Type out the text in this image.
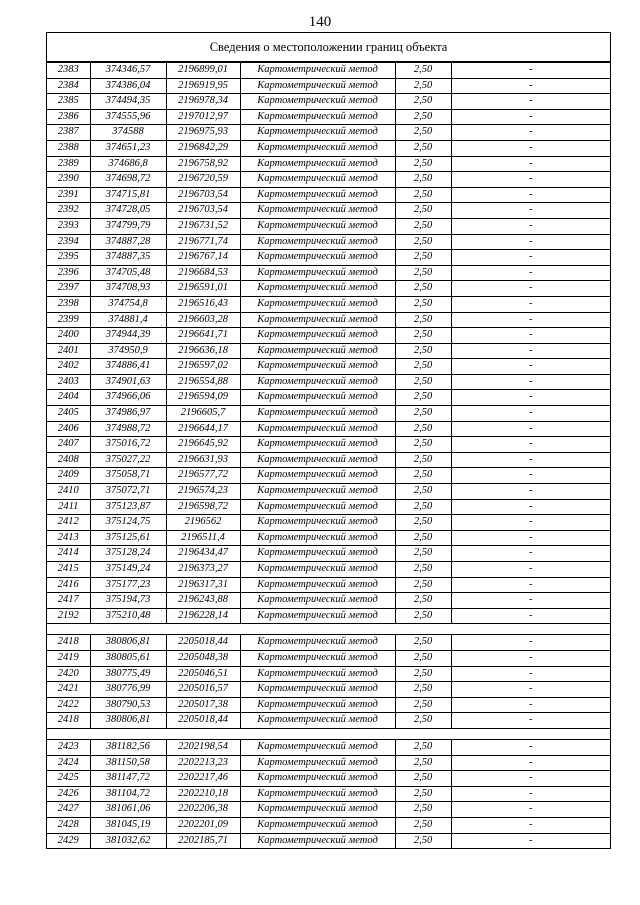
140
Сведения о местоположении границ объекта
2383	374346,57	2196899,01	Картометрический метод	2,50	-
2384	374386,04	2196919,95	Картометрический метод	2,50	-
2385	374494,35	2196978,34	Картометрический метод	2,50	-
2386	374555,96	2197012,97	Картометрический метод	2,50	-
2387	374588	2196975,93	Картометрический метод	2,50	-
2388	374651,23	2196842,29	Картометрический метод	2,50	-
2389	374686,8	2196758,92	Картометрический метод	2,50	-
2390	374698,72	2196720,59	Картометрический метод	2,50	-
2391	374715,81	2196703,54	Картометрический метод	2,50	-
2392	374728,05	2196703,54	Картометрический метод	2,50	-
2393	374799,79	2196731,52	Картометрический метод	2,50	-
2394	374887,28	2196771,74	Картометрический метод	2,50	-
2395	374887,35	2196767,14	Картометрический метод	2,50	-
2396	374705,48	2196684,53	Картометрический метод	2,50	-
2397	374708,93	2196591,01	Картометрический метод	2,50	-
2398	374754,8	2196516,43	Картометрический метод	2,50	-
2399	374881,4	2196603,28	Картометрический метод	2,50	-
2400	374944,39	2196641,71	Картометрический метод	2,50	-
2401	374950,9	2196636,18	Картометрический метод	2,50	-
2402	374886,41	2196597,02	Картометрический метод	2,50	-
2403	374901,63	2196554,88	Картометрический метод	2,50	-
2404	374966,06	2196594,09	Картометрический метод	2,50	-
2405	374986,97	2196605,7	Картометрический метод	2,50	-
2406	374988,72	2196644,17	Картометрический метод	2,50	-
2407	375016,72	2196645,92	Картометрический метод	2,50	-
2408	375027,22	2196631,93	Картометрический метод	2,50	-
2409	375058,71	2196577,72	Картометрический метод	2,50	-
2410	375072,71	2196574,23	Картометрический метод	2,50	-
2411	375123,87	2196598,72	Картометрический метод	2,50	-
2412	375124,75	2196562	Картометрический метод	2,50	-
2413	375125,61	2196511,4	Картометрический метод	2,50	-
2414	375128,24	2196434,47	Картометрический метод	2,50	-
2415	375149,24	2196373,27	Картометрический метод	2,50	-
2416	375177,23	2196317,31	Картометрический метод	2,50	-
2417	375194,73	2196243,88	Картометрический метод	2,50	-
2192	375210,48	2196228,14	Картометрический метод	2,50	-

2418	380806,81	2205018,44	Картометрический метод	2,50	-
2419	380805,61	2205048,38	Картометрический метод	2,50	-
2420	380775,49	2205046,51	Картометрический метод	2,50	-
2421	380776,99	2205016,57	Картометрический метод	2,50	-
2422	380790,53	2205017,38	Картометрический метод	2,50	-
2418	380806,81	2205018,44	Картометрический метод	2,50	-

2423	381182,56	2202198,54	Картометрический метод	2,50	-
2424	381150,58	2202213,23	Картометрический метод	2,50	-
2425	381147,72	2202217,46	Картометрический метод	2,50	-
2426	381104,72	2202210,18	Картометрический метод	2,50	-
2427	381061,06	2202206,38	Картометрический метод	2,50	-
2428	381045,19	2202201,09	Картометрический метод	2,50	-
2429	381032,62	2202185,71	Картометрический метод	2,50	-
